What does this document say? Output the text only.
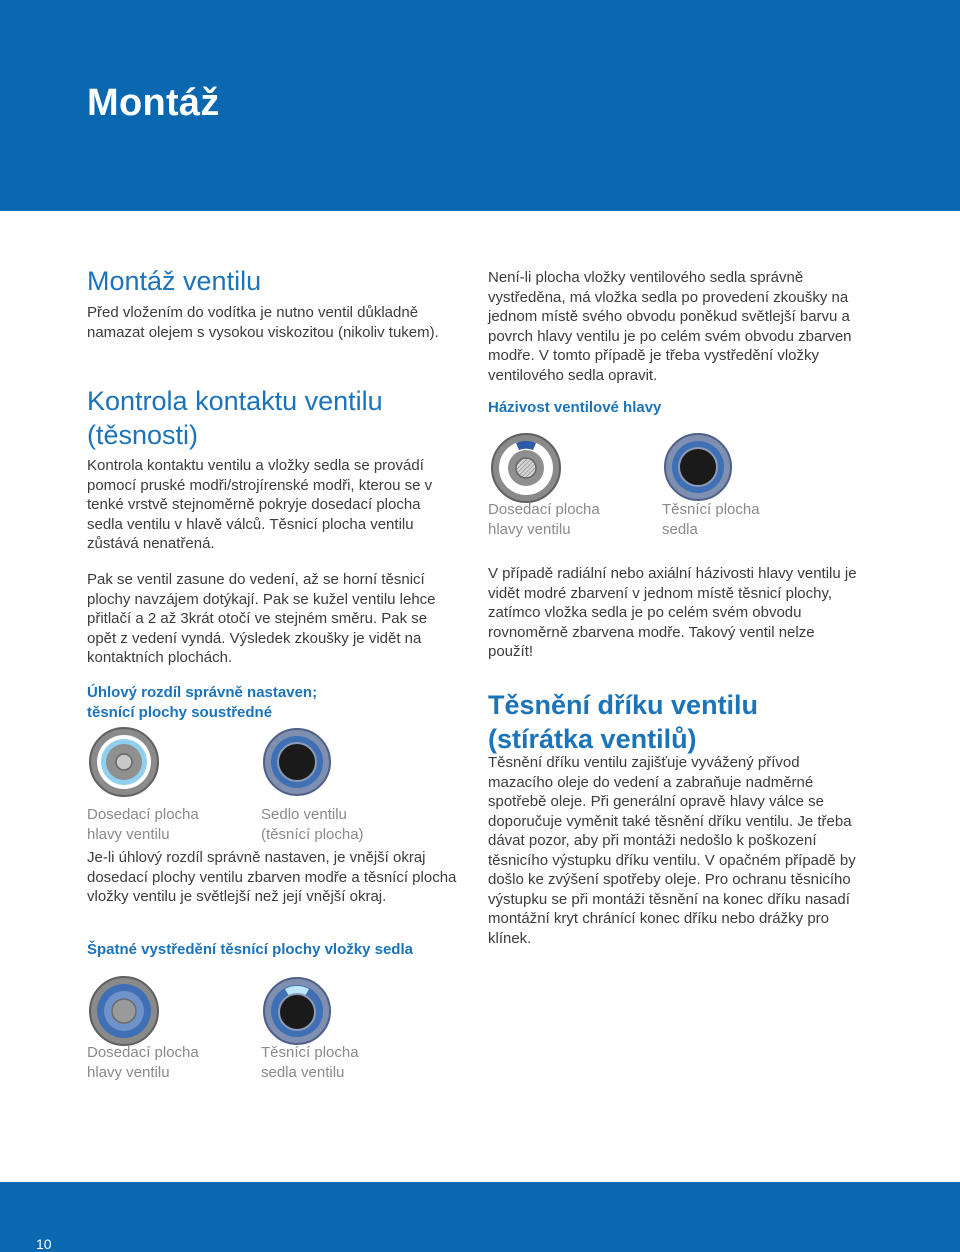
Montáž
Montáž ventilu

Před vložením do vodítka je nutno ventil důkladně namazat olejem s vysokou viskozitou (nikoliv tukem).

Kontrola kontaktu ventilu (těsnosti)

Kontrola kontaktu ventilu a vložky sedla se provádí pomocí pruské modři/strojírenské modři, kterou se v tenké vrstvě stejnoměrně pokryje dosedací plocha sedla ventilu v hlavě válců. Těsnicí plocha ventilu zůstává nenatřená.

Pak se ventil zasune do vedení, až se horní těsnicí plochy navzájem dotýkají. Pak se kužel ventilu lehce přitlačí a 2 až 3krát otočí ve stejném směru. Pak se opět z vedení vyndá. Výsledek zkoušky je vidět na kontaktních plochách.

Úhlový rozdíl správně nastaven;
těsnící plochy soustředné

Dosedací plocha
hlavy ventilu

Sedlo ventilu
(těsnící plocha)

Je-li úhlový rozdíl správně nastaven, je vnější okraj dosedací plochy ventilu zbarven modře a těsnící plocha vložky ventilu je světlejší než její vnější okraj.

Špatné vystředění těsnící plochy vložky sedla

Dosedací plocha
hlavy ventilu

Těsnící plocha
sedla ventilu

Není-li plocha vložky ventilového sedla správně vystředěna, má vložka sedla po provedení zkoušky na jednom místě svého obvodu poněkud světlejší barvu a povrch hlavy ventilu je po celém svém obvodu zbarven modře. V tomto případě je třeba vystředění vložky ventilového sedla opravit.

Házivost ventilové hlavy

Dosedací plocha
hlavy ventilu

Těsnící plocha
sedla

V případě radiální nebo axiální házivosti hlavy ventilu je vidět modré zbarvení v jednom místě těsnicí plochy, zatímco vložka sedla je po celém svém obvodu rovnoměrně zbarvena modře. Takový ventil nelze použít!

Těsnění dříku ventilu (stírátka ventilů)

Těsnění dříku ventilu zajišťuje vyvážený přívod mazacího oleje do vedení a zabraňuje nadměrné spotřebě oleje. Při generální opravě hlavy válce se doporučuje vyměnit také těsnění dříku ventilu. Je třeba dávat pozor, aby při montáži nedošlo k poškození těsnicího výstupku dříku ventilu. V opačném případě by došlo ke zvýšení spotřeby oleje. Pro ochranu těsnicího výstupku se při montáži těsnění na konec dříku nasadí montážní kryt chránící konec dříku nebo drážky pro klínek.

10
